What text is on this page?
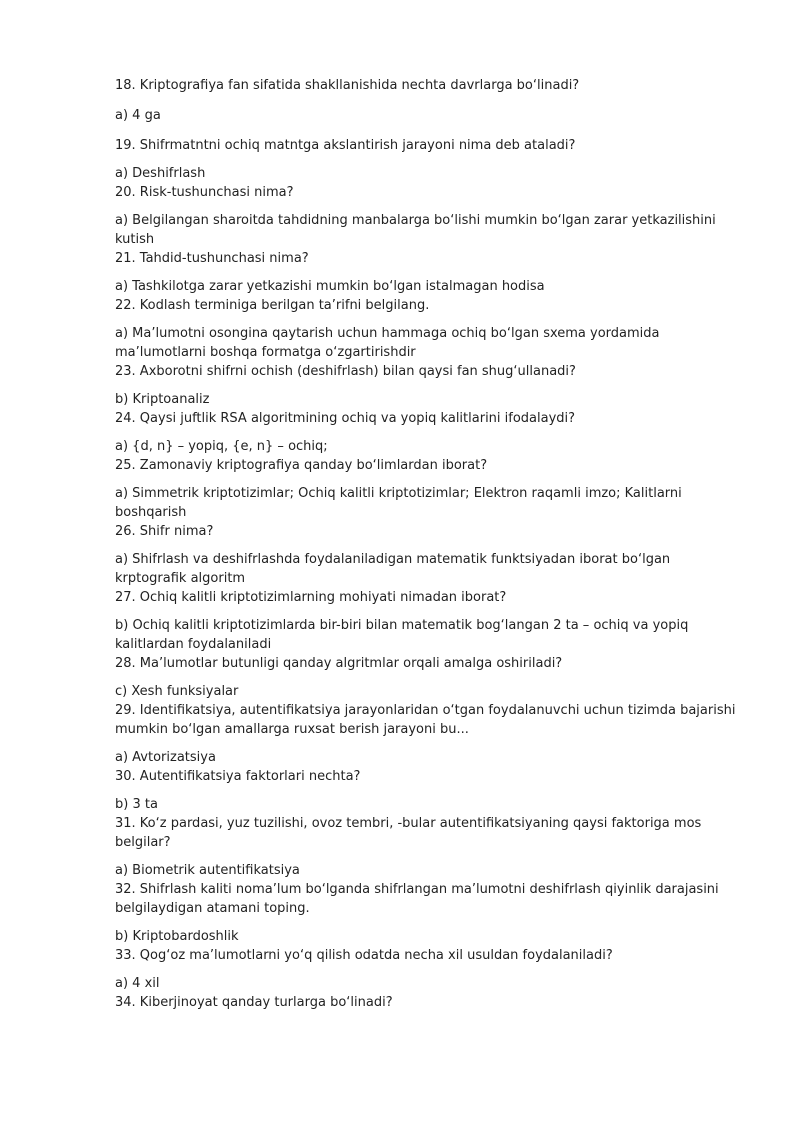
18. Kriptografiya fan sifatida shakllanishida nechta davrlarga bo‘linadi?
a) 4 ga
19. Shifrmatntni ochiq matntga akslantirish jarayoni nima deb ataladi?
a) Deshifrlash
20. Risk-tushunchasi nima?
a) Belgilangan sharoitda tahdidning manbalarga bo‘lishi mumkin bo‘lgan zarar yetkazilishini kutish
21. Tahdid-tushunchasi nima?
a) Tashkilotga zarar yetkazishi mumkin bo‘lgan istalmagan hodisa
22. Kodlash terminiga berilgan ta’rifni belgilang.
a) Ma’lumotni osongina qaytarish uchun hammaga ochiq bo‘lgan sxema yordamida ma’lumotlarni boshqa formatga o‘zgartirishdir
23. Axborotni shifrni ochish (deshifrlash) bilan qaysi fan shug‘ullanadi?
b) Kriptoanaliz
24. Qaysi juftlik RSA algoritmining ochiq va yopiq kalitlarini ifodalaydi?
a) {d, n} – yopiq, {e, n} – ochiq;
25. Zamonaviy kriptografiya qanday bo‘limlardan iborat?
a) Simmetrik kriptotizimlar; Ochiq kalitli kriptotizimlar; Elektron raqamli imzo; Kalitlarni boshqarish
26. Shifr nima?
a) Shifrlash va deshifrlashda foydalaniladigan matematik funktsiyadan iborat bo‘lgan krptografik algoritm
27. Ochiq kalitli kriptotizimlarning mohiyati nimadan iborat?
b) Ochiq kalitli kriptotizimlarda bir-biri bilan matematik bog‘langan 2 ta – ochiq va yopiq kalitlardan foydalaniladi
28. Ma’lumotlar butunligi qanday algritmlar orqali amalga oshiriladi?
c) Xesh funksiyalar
29. Identifikatsiya, autentifikatsiya jarayonlaridan o‘tgan foydalanuvchi uchun tizimda bajarishi mumkin bo‘lgan amallarga ruxsat berish jarayoni bu...
a) Avtorizatsiya
30. Autentifikatsiya faktorlari nechta?
b) 3 ta
31. Ko‘z pardasi, yuz tuzilishi, ovoz tembri, -bular autentifikatsiyaning qaysi faktoriga mos belgilar?
a) Biometrik autentifikatsiya
32. Shifrlash kaliti noma’lum bo‘lganda shifrlangan ma’lumotni deshifrlash qiyinlik darajasini belgilaydigan atamani toping.
b) Kriptobardoshlik
33. Qog‘oz ma’lumotlarni yo‘q qilish odatda necha xil usuldan foydalaniladi?
a) 4 xil
34. Kiberjinoyat qanday turlarga bo‘linadi?
